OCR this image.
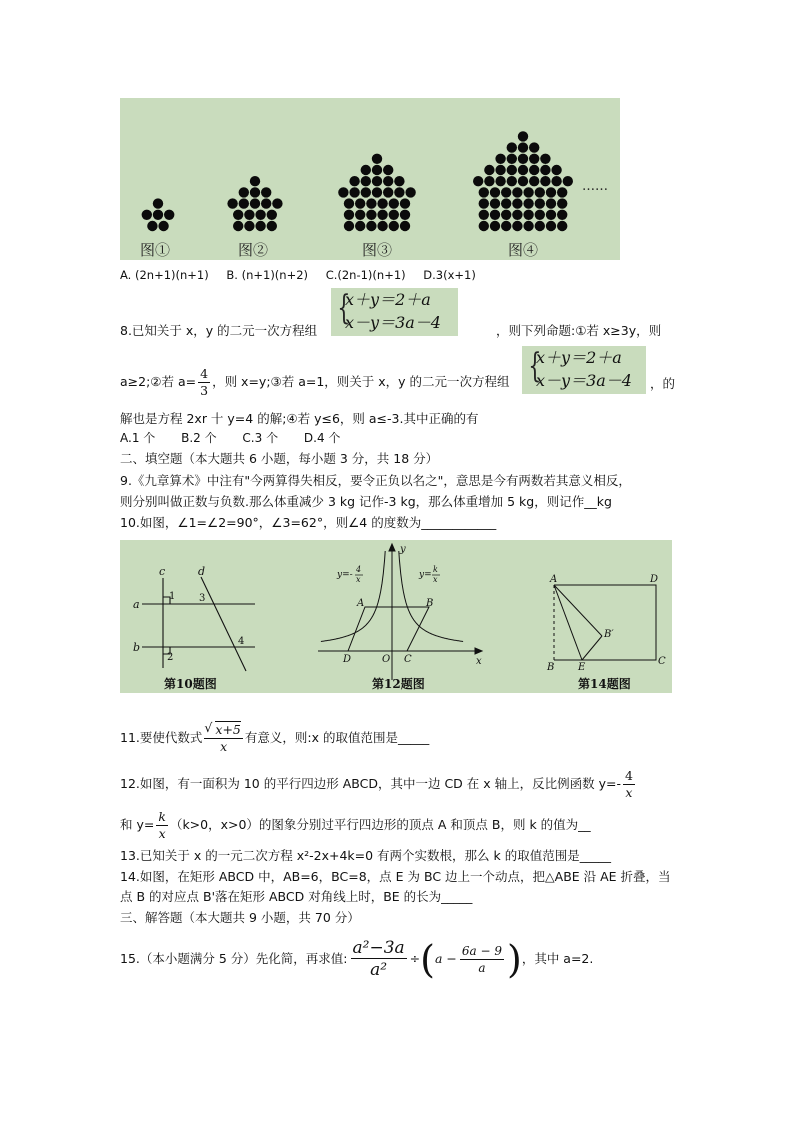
图①	图②	图③	图④
……
A. (2n+1)(n+1) B. (n+1)(n+2) C.(2n-1)(n+1) D.3(x+1)
{
x＋y＝2＋a
x－y＝3a－4
8.已知关于 x，y 的二元一次方程组	，则下列命题:①若 x≥3y，则
a≥2;②若 $a= \frac{4}{3}$ ，则 x=y;③若 a=1，则关于 x，y 的二元一次方程组 {
x＋y＝2＋a
x－y＝3a－4 ，的
解也是方程 2xr 十 y=4 的解;④若 y≤6，则 a≤-3.其中正确的有
A.1 个 B.2 个 C.3 个 D.4 个
二、填空题（本大题共 6 小题，每小题 3 分，共 18 分）
9.《九章算术》中注有"今两算得失相反，要令正负以名之"，意思是今有两数若其意义相反，
则分别叫做正数与负数.那么体重减少 3 kg 记作-3 kg，那么体重增加 5 kg，则记作__kg
10.如图，∠1=∠2=90°，∠3=62°，则∠4 的度数为____________
c	d
a
b
1
2
3
4
第10题图
y
x
O
A	B
C
D
y=-
4
x	y=
k
x
第12题图
A	D
B
C
E
B′
第14题图
11.要使代数式 $\frac{√ x+5}{x}$ 有意义，则:x 的取值范围是_____
12.如图，有一面积为 10 的平行四边形 ABCD，其中一边 CD 在 x 轴上，反比例函数 $y=- \frac{4}{x}$
和 $y= \frac{k}{x} (k>0$，x>0）的图象分别过平行四边形的顶点 A 和顶点 B，则 k 的值为__
13.已知关于 x 的一元二次方程 x²-2x+4k=0 有两个实数根，那么 k 的取值范围是_____
14.如图，在矩形 ABCD 中，AB=6，BC=8，点 E 为 BC 边上一个动点，把△ABE 沿 AE 折叠，当
点 B 的对应点 B'落在矩形 ABCD 对角线上时，BE 的长为_____
三、解答题（本大题共 9 小题，共 70 分）
15.（本小题满分 5 分）先化简，再求值: $\frac{\text{a²−3a}}{\text{a²}} \div(a - \frac{6a - 9}{a}$ )，其中 a=2.
